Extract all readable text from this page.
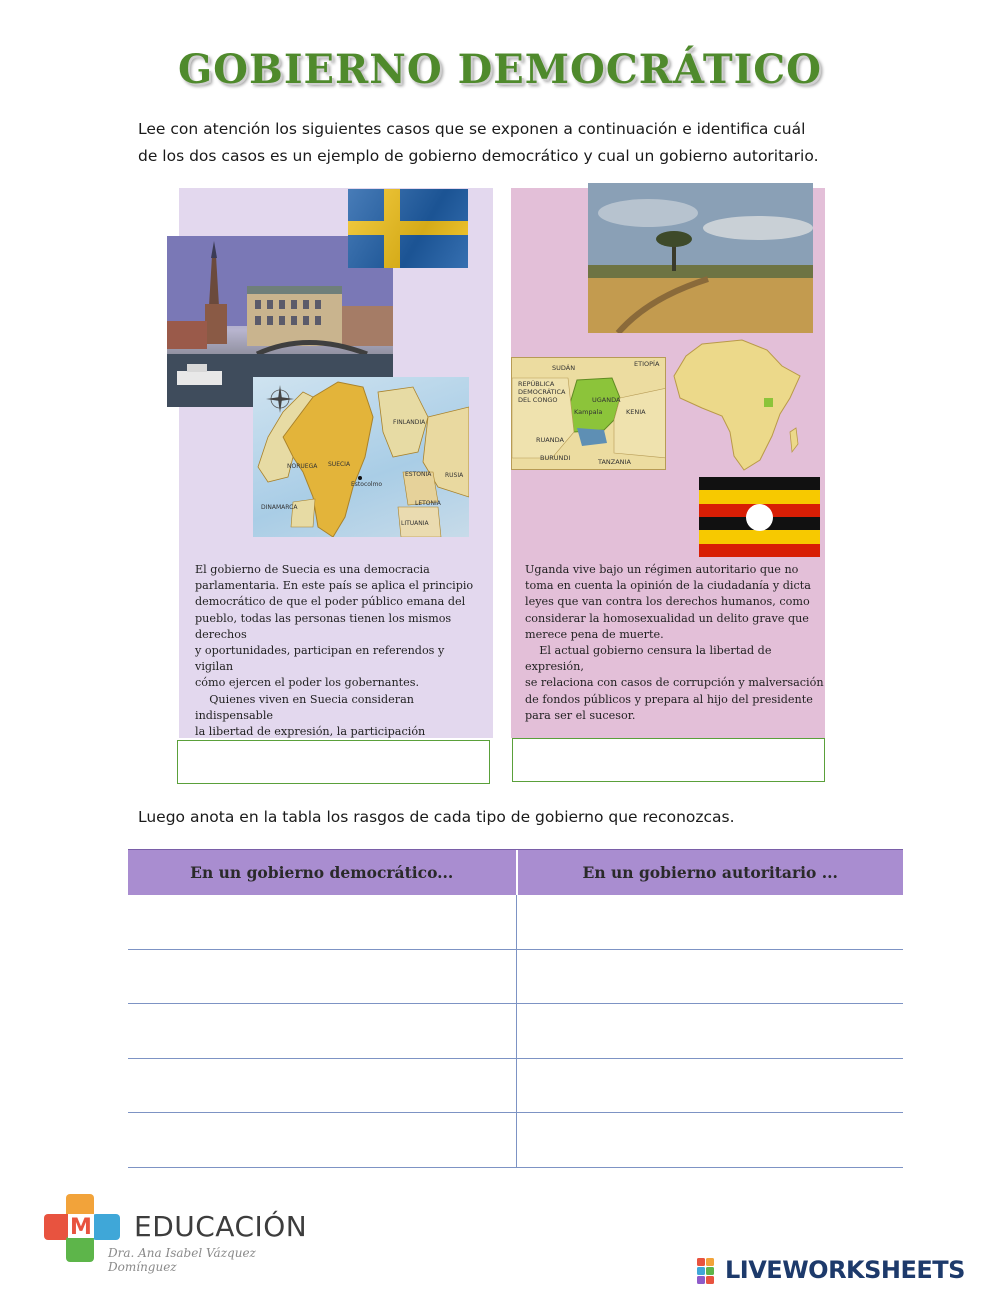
GOBIERNO DEMOCRÁTICO
Lee con atención los siguientes casos que se exponen a continuación e identifica cuál
de los dos casos es un ejemplo de gobierno democrático y cual un gobierno autoritario.
FINLANDIA
NORUEGA SUECIA
Estocolmo
ESTONIA RUSIA
LETONIA
DINAMARCA
LITUANIA
El gobierno de Suecia es una democracia
parlamentaria. En este país se aplica el principio
democrático de que el poder público emana del
pueblo, todas las personas tienen los mismos derechos
y oportunidades, participan en referendos y vigilan
cómo ejercen el poder los gobernantes.
Quienes viven en Suecia consideran indispensable
la libertad de expresión, la participación

SUDÁN	ETIOPÍA
REPÚBLICA
DEMOCRÁTICA
DEL CONGO	UGANDA
Kampala	KENIA
RUANDA
BURUNDI	TANZANIA
Uganda vive bajo un régimen autoritario que no
toma en cuenta la opinión de la ciudadanía y dicta
leyes que van contra los derechos humanos, como
considerar la homosexualidad un delito grave que
merece pena de muerte.
El actual gobierno censura la libertad de expresión,
se relaciona con casos de corrupción y malversación
de fondos públicos y prepara al hijo del presidente
para ser el sucesor.
Luego anota en la tabla los rasgos de cada tipo de gobierno que reconozcas.
En un gobierno democrático...	En un gobierno autoritario ...
M EDUCACIÓN
Dra. Ana Isabel Vázquez Domínguez	LIVEWORKSHEETS
